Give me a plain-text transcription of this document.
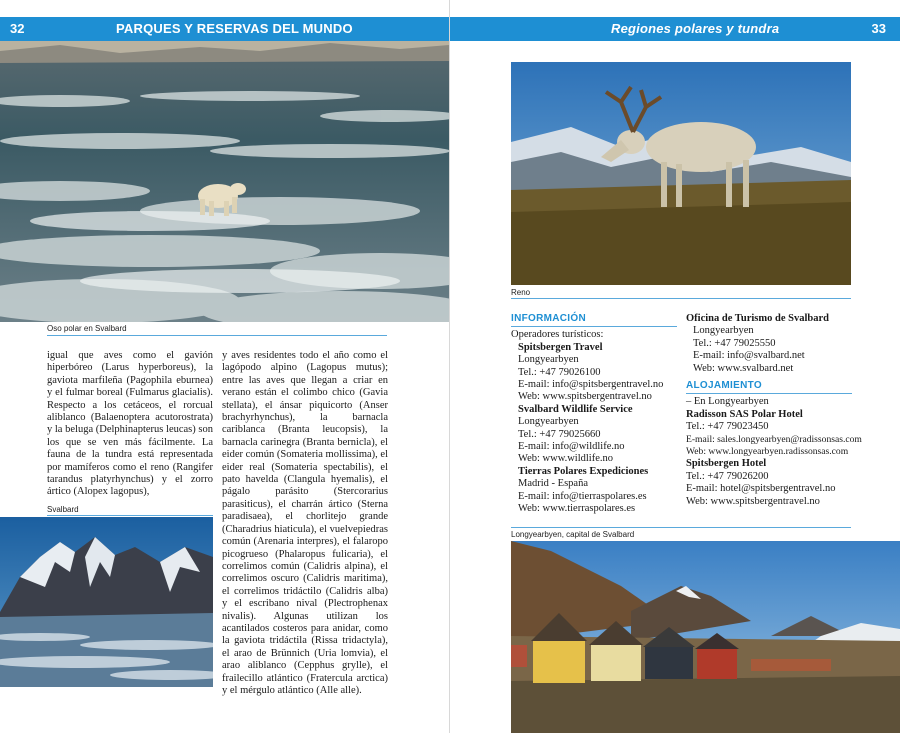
32	PARQUES Y RESERVAS DEL MUNDO
Oso polar en Svalbard

igual que aves como el gavión hiperbóreo (Larus hyperboreus), la gaviota marfileña (Pagophila eburnea) y el fulmar boreal (Fulmarus glacialis). Respecto a los cetáceos, el rorcual aliblanco (Balaenoptera acutorostrata) y la beluga (Delphinapterus leucas) son los que se ven más fácilmente. La fauna de la tundra está representada por mamíferos como el reno (Rangifer tarandus platyrhynchus) y el zorro ártico (Alopex lagopus),

y aves residentes todo el año como el lagópodo alpino (Lagopus mutus); entre las aves que llegan a criar en verano están el colimbo chico (Gavia stellata), el ánsar piquicorto (Anser brachyrhynchus), la barnacla cariblanca (Branta leucopsis), la barnacla carinegra (Branta bernicla), el eider común (Somateria mollissima), el eider real (Somateria spectabilis), el pato havelda (Clangula hyemalis), el págalo parásito (Stercorarius parasiticus), el charrán ártico (Sterna paradisaea), el chorlitejo grande (Charadrius hiaticula), el vuelvepiedras común (Arenaria interpres), el falaropo picogrueso (Phalaropus fulicaria), el correlimos común (Calidris alpina), el correlimos oscuro (Calidris maritima), el correlimos tridáctilo (Calidris alba) y el escribano nival (Plectrophenax nivalis). Algunas utilizan los acantilados costeros para anidar, como la gaviota tridáctila (Rissa tridactyla), el arao de Brünnich (Uria lomvia), el arao aliblanco (Cepphus grylle), el frailecillo atlántico (Fratercula arctica) y el mérgulo atlántico (Alle alle).

Svalbard
Regiones polares y tundra	33
Reno
INFORMACIÓN
Operadores turísticos:
Spitsbergen Travel
Longyearbyen
Tel.: +47 79026100
E-mail: info@spitsbergentravel.no
Web: www.spitsbergentravel.no
Svalbard Wildlife Service
Longyearbyen
Tel.: +47 79025660
E-mail: info@wildlife.no
Web: www.wildlife.no
Tierras Polares Expediciones
Madrid - España
E-mail: info@tierraspolares.es
Web: www.tierraspolares.es
Oficina de Turismo de Svalbard
Longyearbyen
Tel.: +47 79025550
E-mail: info@svalbard.net
Web: www.svalbard.net
ALOJAMIENTO
– En Longyearbyen
Radisson SAS Polar Hotel
Tel.: +47 79023450
E-mail: sales.longyearbyen@radissonsas.com
Web: www.longyearbyen.radissonsas.com
Spitsbergen Hotel
Tel.: +47 79026200
E-mail: hotel@spitsbergentravel.no
Web: www.spitsbergentravel.no
Longyearbyen, capital de Svalbard
